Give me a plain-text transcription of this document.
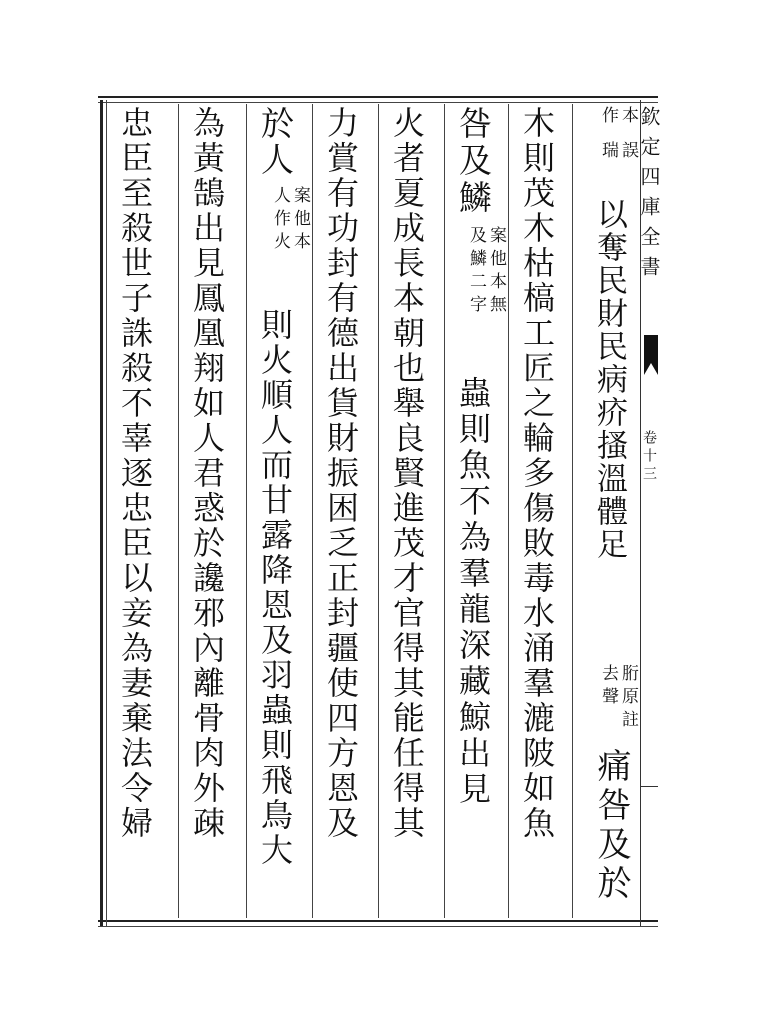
欽定四庫全書
卷十三
本誤
作瑞
以奪民財民病疥搔溫體足
胻原註
去聲
痛咎及於
木則茂木枯槁工匠之輪多傷敗毒水涌羣漉陂如魚
咎及鱗
案他本無
及鱗二字
蟲則魚不為羣龍深藏鯨出見
火者夏成長本朝也舉良賢進茂才官得其能任得其
力賞有功封有德出貨財振困乏正封疆使四方恩及
於人
案他本
人作火
則火順人而甘露降恩及羽蟲則飛鳥大
為黃鵠出見鳳凰翔如人君惑於讒邪內離骨肉外疎
忠臣至殺世子誅殺不辜逐忠臣以妾為妻棄法令婦
